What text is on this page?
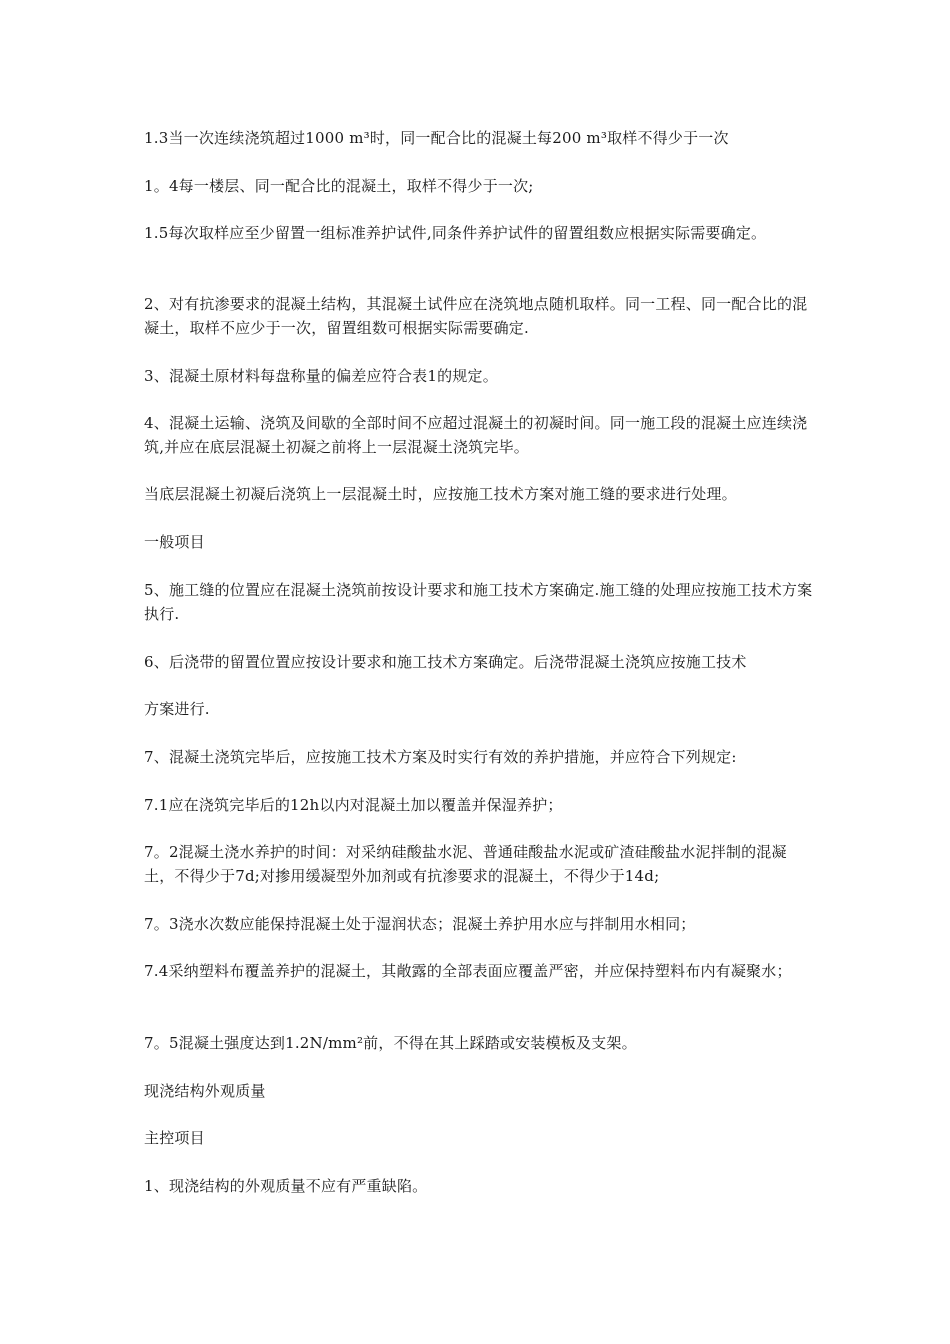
1.3当一次连续浇筑超过1000 m³时，同一配合比的混凝土每200 m³取样不得少于一次

1。4每一楼层、同一配合比的混凝土，取样不得少于一次;

1.5每次取样应至少留置一组标准养护试件,同条件养护试件的留置组数应根据实际需要确定。

2、对有抗渗要求的混凝土结构，其混凝土试件应在浇筑地点随机取样。同一工程、同一配合比的混凝土，取样不应少于一次，留置组数可根据实际需要确定.

3、混凝土原材料每盘称量的偏差应符合表1的规定。

4、混凝土运输、浇筑及间歇的全部时间不应超过混凝土的初凝时间。同一施工段的混凝土应连续浇筑,并应在底层混凝土初凝之前将上一层混凝土浇筑完毕。

当底层混凝土初凝后浇筑上一层混凝土时，应按施工技术方案对施工缝的要求进行处理。

一般项目

5、施工缝的位置应在混凝土浇筑前按设计要求和施工技术方案确定.施工缝的处理应按施工技术方案执行.

6、后浇带的留置位置应按设计要求和施工技术方案确定。后浇带混凝土浇筑应按施工技术

方案进行.

7、混凝土浇筑完毕后，应按施工技术方案及时实行有效的养护措施，并应符合下列规定:

7.1应在浇筑完毕后的12h以内对混凝土加以覆盖并保湿养护；

7。2混凝土浇水养护的时间：对采纳硅酸盐水泥、普通硅酸盐水泥或矿渣硅酸盐水泥拌制的混凝土，不得少于7d;对掺用缓凝型外加剂或有抗渗要求的混凝土，不得少于14d;

7。3浇水次数应能保持混凝土处于湿润状态；混凝土养护用水应与拌制用水相同；

7.4采纳塑料布覆盖养护的混凝土，其敞露的全部表面应覆盖严密，并应保持塑料布内有凝聚水；

7。5混凝土强度达到1.2N/mm²前，不得在其上踩踏或安装模板及支架。

现浇结构外观质量

主控项目

1、现浇结构的外观质量不应有严重缺陷。
